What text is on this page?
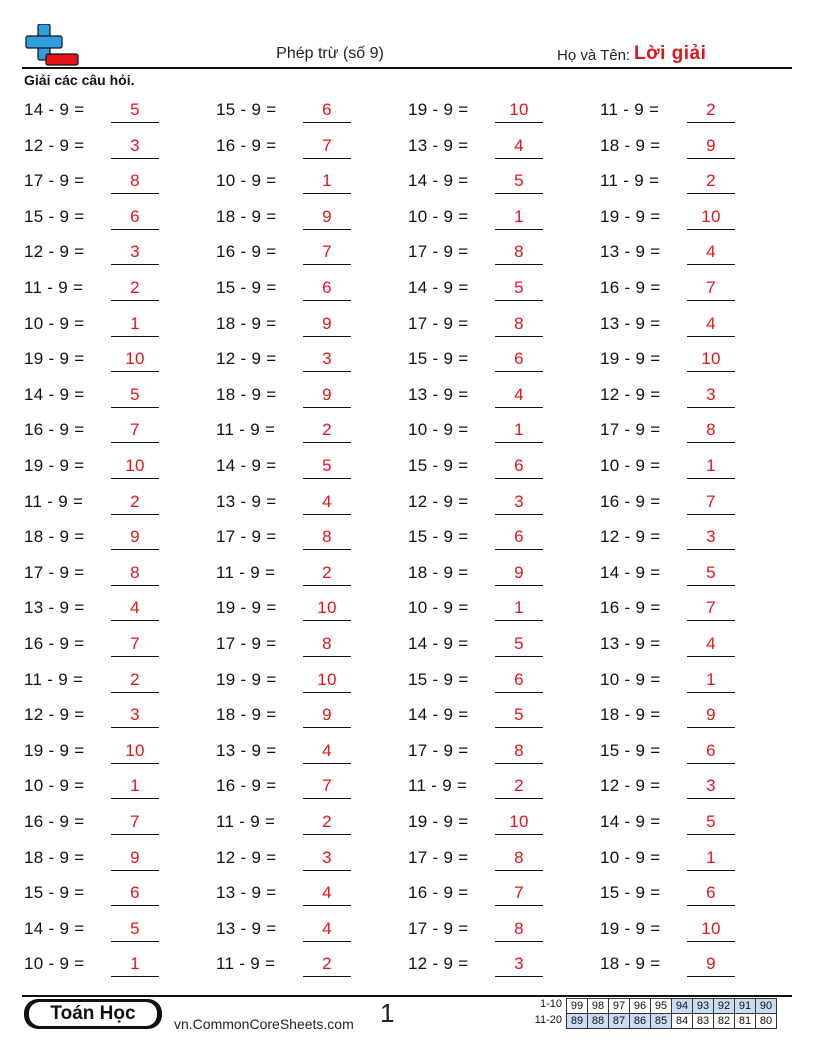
Phép trừ (số 9)	Họ và Tên: Lời giải
Giải các câu hỏi.
14 - 9 =	5	15 - 9 =	6	19 - 9 =	10	11 - 9 =	2
12 - 9 =	3	16 - 9 =	7	13 - 9 =	4	18 - 9 =	9
17 - 9 =	8	10 - 9 =	1	14 - 9 =	5	11 - 9 =	2
15 - 9 =	6	18 - 9 =	9	10 - 9 =	1	19 - 9 =	10
12 - 9 =	3	16 - 9 =	7	17 - 9 =	8	13 - 9 =	4
11 - 9 =	2	15 - 9 =	6	14 - 9 =	5	16 - 9 =	7
10 - 9 =	1	18 - 9 =	9	17 - 9 =	8	13 - 9 =	4
19 - 9 =	10	12 - 9 =	3	15 - 9 =	6	19 - 9 =	10
14 - 9 =	5	18 - 9 =	9	13 - 9 =	4	12 - 9 =	3
16 - 9 =	7	11 - 9 =	2	10 - 9 =	1	17 - 9 =	8
19 - 9 =	10	14 - 9 =	5	15 - 9 =	6	10 - 9 =	1
11 - 9 =	2	13 - 9 =	4	12 - 9 =	3	16 - 9 =	7
18 - 9 =	9	17 - 9 =	8	15 - 9 =	6	12 - 9 =	3
17 - 9 =	8	11 - 9 =	2	18 - 9 =	9	14 - 9 =	5
13 - 9 =	4	19 - 9 =	10	10 - 9 =	1	16 - 9 =	7
16 - 9 =	7	17 - 9 =	8	14 - 9 =	5	13 - 9 =	4
11 - 9 =	2	19 - 9 =	10	15 - 9 =	6	10 - 9 =	1
12 - 9 =	3	18 - 9 =	9	14 - 9 =	5	18 - 9 =	9
19 - 9 =	10	13 - 9 =	4	17 - 9 =	8	15 - 9 =	6
10 - 9 =	1	16 - 9 =	7	11 - 9 =	2	12 - 9 =	3
16 - 9 =	7	11 - 9 =	2	19 - 9 =	10	14 - 9 =	5
18 - 9 =	9	12 - 9 =	3	17 - 9 =	8	10 - 9 =	1
15 - 9 =	6	13 - 9 =	4	16 - 9 =	7	15 - 9 =	6
14 - 9 =	5	13 - 9 =	4	17 - 9 =	8	19 - 9 =	10
10 - 9 =	1	11 - 9 =	2	12 - 9 =	3	18 - 9 =	9
Toán Học	vn.CommonCoreSheets.com 1	1-10
11-20
99	98	97	96	95	94	93	92	91	90
89	88	87	86	85	84	83	82	81	80
